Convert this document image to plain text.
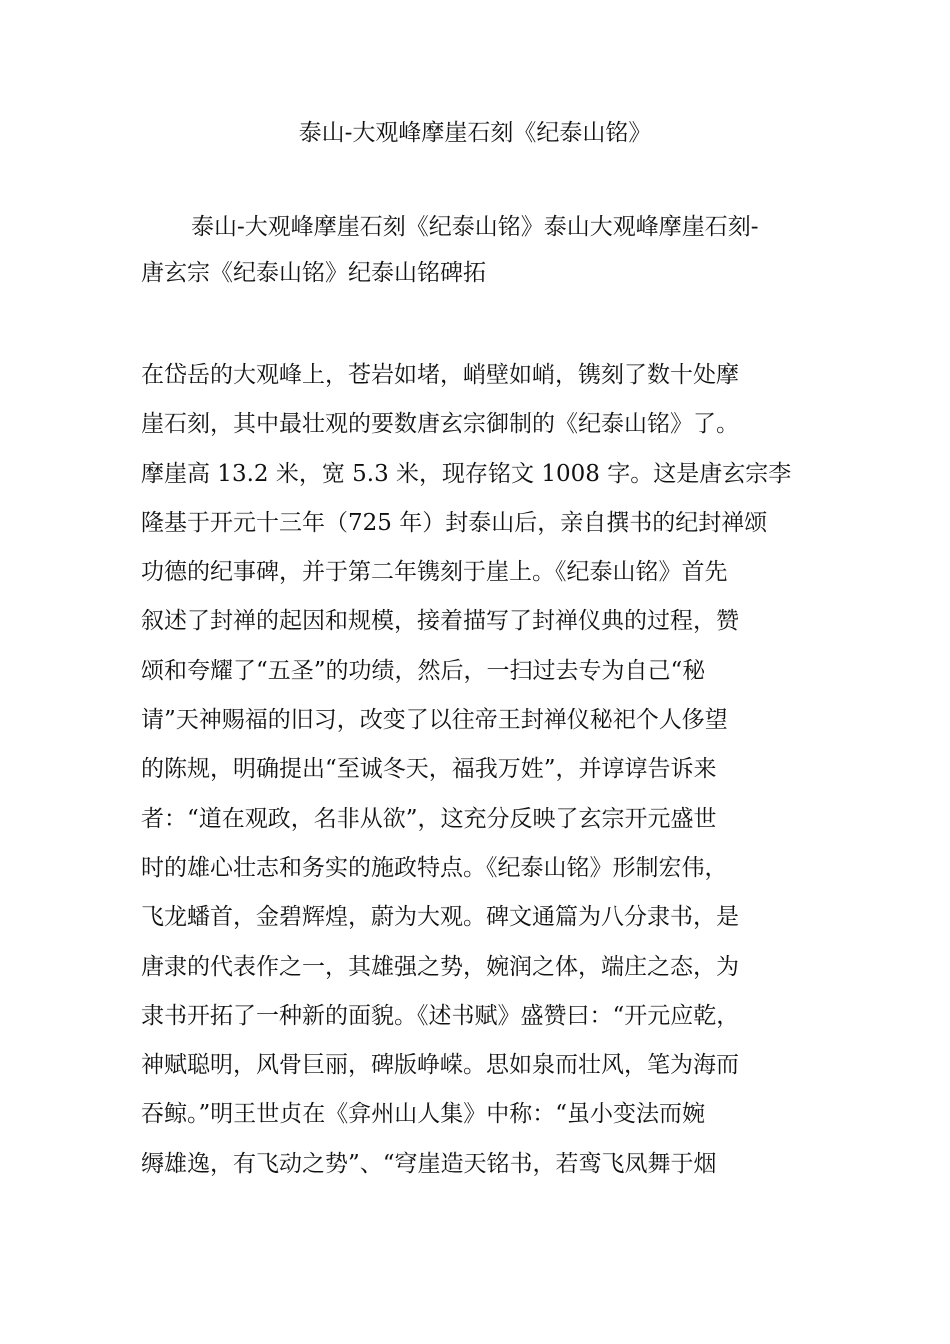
泰山-大观峰摩崖石刻《纪泰山铭》

泰山-大观峰摩崖石刻《纪泰山铭》泰山大观峰摩崖石刻-
唐玄宗《纪泰山铭》纪泰山铭碑拓

在岱岳的大观峰上，苍岩如堵，峭壁如峭，镌刻了数十处摩
崖石刻，其中最壮观的要数唐玄宗御制的《纪泰山铭》了。
摩崖高 13.2 米，宽 5.3 米，现存铭文 1008 字。这是唐玄宗李
隆基于开元十三年（725 年）封泰山后，亲自撰书的纪封禅颂
功德的纪事碑，并于第二年镌刻于崖上。《纪泰山铭》首先
叙述了封禅的起因和规模，接着描写了封禅仪典的过程，赞
颂和夸耀了“五圣”的功绩，然后，一扫过去专为自己“秘
请”天神赐福的旧习，改变了以往帝王封禅仪秘祀个人侈望
的陈规，明确提出“至诚冬天，福我万姓”，并谆谆告诉来
者：“道在观政，名非从欲”，这充分反映了玄宗开元盛世
时的雄心壮志和务实的施政特点。《纪泰山铭》形制宏伟，
飞龙蟠首，金碧辉煌，蔚为大观。碑文通篇为八分隶书，是
唐隶的代表作之一，其雄强之势，婉润之体，端庄之态，为
隶书开拓了一种新的面貌。《述书赋》盛赞曰：“开元应乾，
神赋聪明，风骨巨丽，碑版峥嵘。思如泉而壮风，笔为海而
吞鲸。”明王世贞在《弇州山人集》中称：“虽小变法而婉
缛雄逸，有飞动之势”、“穹崖造天铭书，若鸾飞凤舞于烟
